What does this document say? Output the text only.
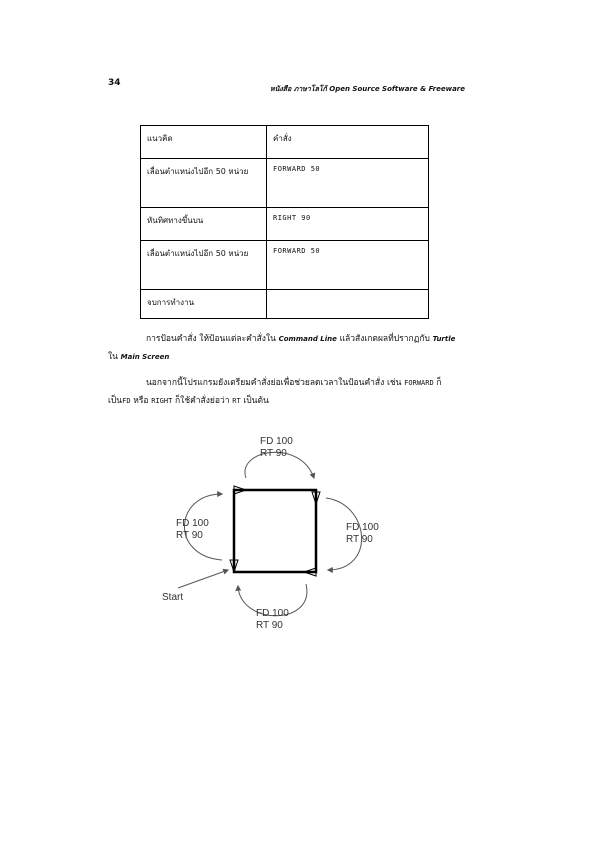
34
หนังสือ ภาษาโลโก้ Open Source Software & Freeware
แนวคิด	คำสั่ง
เลื่อนตำแหน่งไปอีก 50 หน่วย	FORWARD 50
หันทิศทางขึ้นบน	RIGHT 90
เลื่อนตำแหน่งไปอีก 50 หน่วย	FORWARD 50
จบการทำงาน	
การป้อนคำสั่ง ให้ป้อนแต่ละคำสั่งใน Command Line แล้วสังเกตผลที่ปรากฏกับ Turtle
ใน Main Screen
นอกจากนี้โปรแกรมยังเตรียมคำสั่งย่อเพื่อช่วยลดเวลาในป้อนคำสั่ง เช่น FORWARD ก็
เป็นFD หรือ RIGHT ก็ใช้คำสั่งย่อว่า RT เป็นต้น
FD 100
RT 90
FD 100
RT 90
FD 100
RT 90
FD 100
RT 90
Start
